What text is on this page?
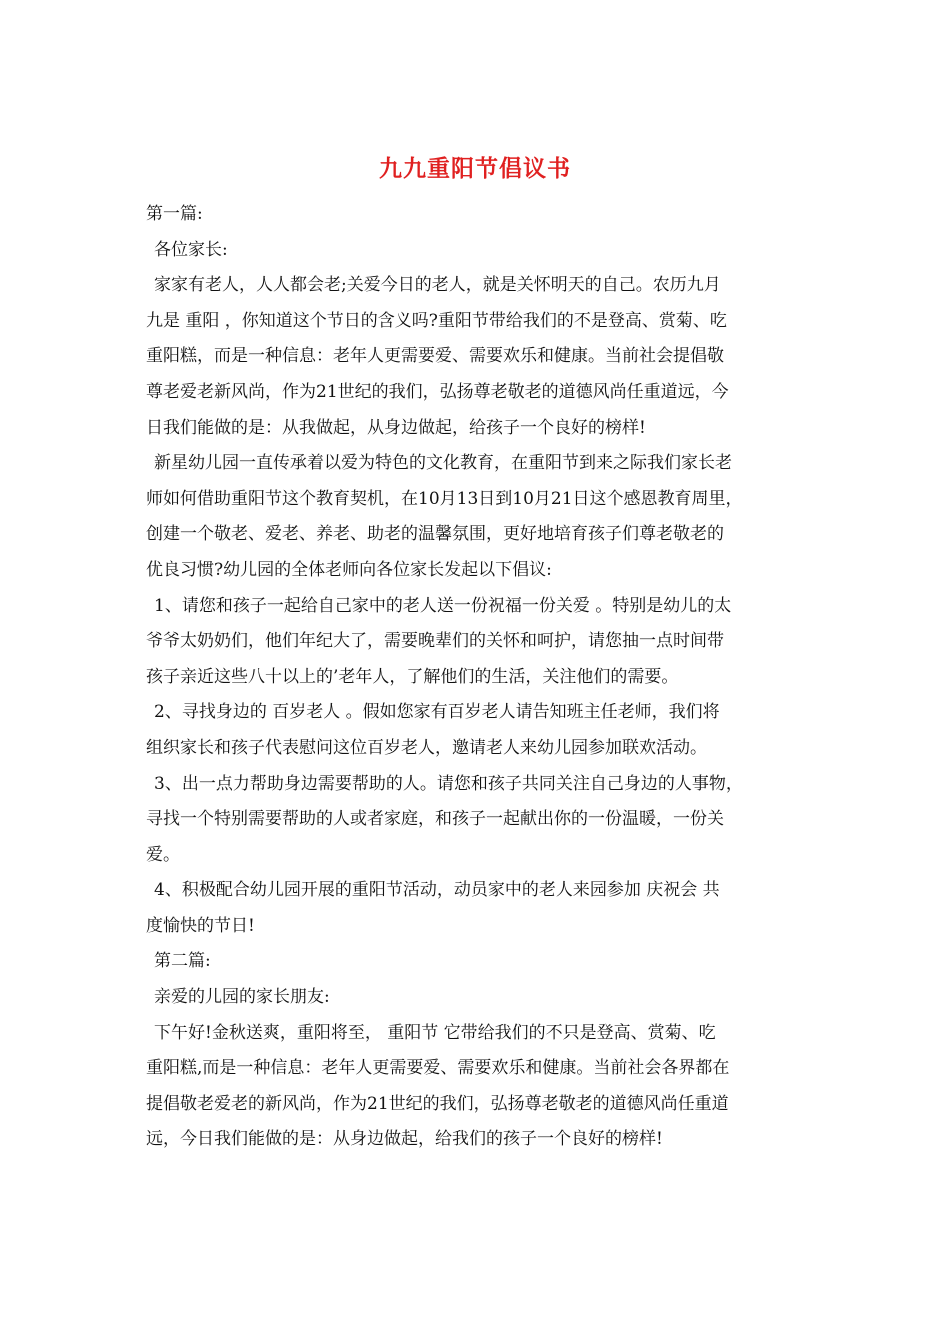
九九重阳节倡议书
第一篇:
各位家长:
家家有老人，人人都会老;关爱今日的老人，就是关怀明天的自己。农历九月
九是 重阳 ，你知道这个节日的含义吗?重阳节带给我们的不是登高、赏菊、吃
重阳糕，而是一种信息：老年人更需要爱、需要欢乐和健康。当前社会提倡敬
尊老爱老新风尚，作为21世纪的我们，弘扬尊老敬老的道德风尚任重道远，今
日我们能做的是：从我做起，从身边做起，给孩子一个良好的榜样!
新星幼儿园一直传承着以爱为特色的文化教育，在重阳节到来之际我们家长老
师如何借助重阳节这个教育契机，在10月13日到10月21日这个感恩教育周里，
创建一个敬老、爱老、养老、助老的温馨氛围，更好地培育孩子们尊老敬老的
优良习惯?幼儿园的全体老师向各位家长发起以下倡议:
1、请您和孩子一起给自己家中的老人送一份祝福一份关爱 。特别是幼儿的太
爷爷太奶奶们，他们年纪大了，需要晚辈们的关怀和呵护，请您抽一点时间带
孩子亲近这些八十以上的’老年人，了解他们的生活，关注他们的需要。
2、寻找身边的 百岁老人 。假如您家有百岁老人请告知班主任老师，我们将
组织家长和孩子代表慰问这位百岁老人，邀请老人来幼儿园参加联欢活动。
3、出一点力帮助身边需要帮助的人。请您和孩子共同关注自己身边的人事物，
寻找一个特别需要帮助的人或者家庭，和孩子一起献出你的一份温暖，一份关
爱。
4、积极配合幼儿园开展的重阳节活动，动员家中的老人来园参加 庆祝会 共
度愉快的节日!
第二篇:
亲爱的儿园的家长朋友:
下午好!金秋送爽，重阳将至， 重阳节 它带给我们的不只是登高、赏菊、吃
重阳糕,而是一种信息：老年人更需要爱、需要欢乐和健康。当前社会各界都在
提倡敬老爱老的新风尚，作为21世纪的我们，弘扬尊老敬老的道德风尚任重道
远，今日我们能做的是：从身边做起，给我们的孩子一个良好的榜样!
